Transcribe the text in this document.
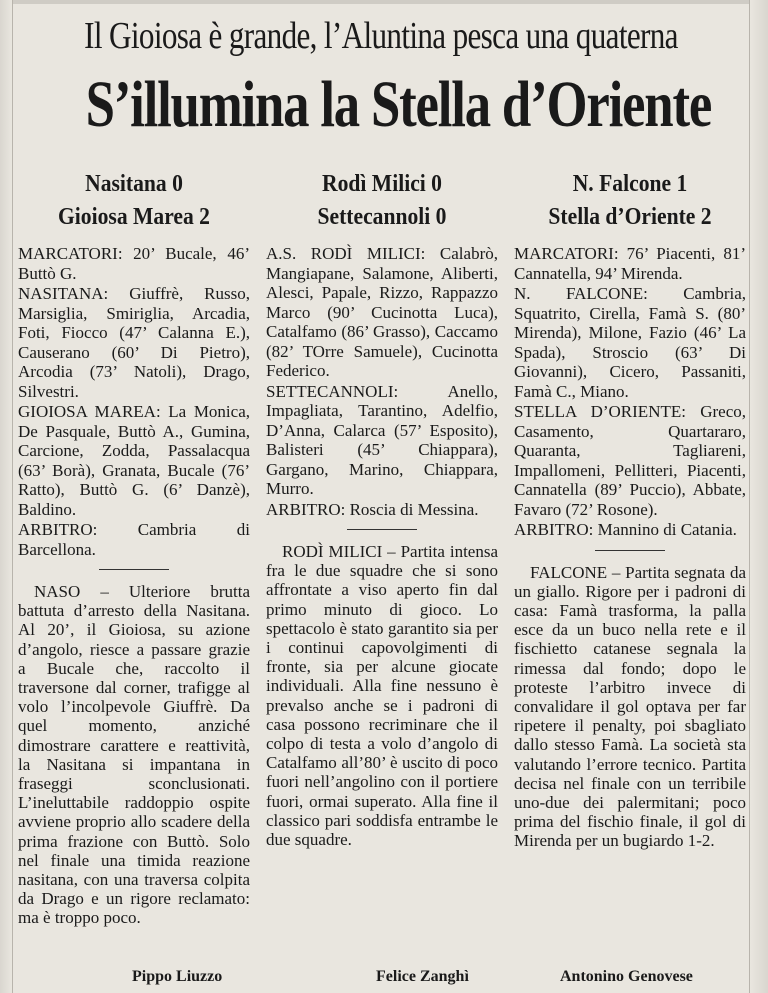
Il Gioiosa è grande, l’Aluntina pesca una quaterna
S’illumina la Stella d’Oriente
Nasitana 0
Gioiosa Marea 2
MARCATORI: 20’ Bucale, 46’ Buttò G.
NASITANA: Giuffrè, Russo, Marsiglia, Smiriglia, Arcadia, Foti, Fiocco (47’ Calanna E.), Causerano (60’ Di Pietro), Arcodia (73’ Natoli), Drago, Silvestri.
GIOIOSA MAREA: La Monica, De Pasquale, Buttò A., Gumina, Carcione, Zodda, Passalacqua (63’ Borà), Granata, Bucale (76’ Ratto), Buttò G. (6’ Danzè), Baldino.
ARBITRO: Cambria di Barcellona.
NASO – Ulteriore brutta battuta d’arresto della Nasitana. Al 20’, il Gioiosa, su azione d’angolo, riesce a passare grazie a Bucale che, raccolto il traversone dal corner, trafigge al volo l’incolpevole Giuffrè. Da quel momento, anziché dimostrare carattere e reattività, la Nasitana si impantana in fraseggi sconclusionati. L’ineluttabile raddoppio ospite avviene proprio allo scadere della prima frazione con Buttò. Solo nel finale una timida reazione nasitana, con una traversa colpita da Drago e un rigore reclamato: ma è troppo poco.
Rodì Milici 0
Settecannoli 0
A.S. RODÌ MILICI: Calabrò, Mangiapane, Salamone, Aliberti, Alesci, Papale, Rizzo, Rappazzo Marco (90’ Cucinotta Luca), Catalfamo (86’ Grasso), Caccamo (82’ TOrre Samuele), Cucinotta Federico.
SETTECANNOLI: Anello, Impagliata, Tarantino, Adelfio, D’Anna, Calarca (57’ Esposito), Balisteri (45’ Chiappara), Gargano, Marino, Chiappara, Murro.
ARBITRO: Roscia di Messina.
RODÌ MILICI – Partita intensa fra le due squadre che si sono affrontate a viso aperto fin dal primo minuto di gioco. Lo spettacolo è stato garantito sia per i continui capovolgimenti di fronte, sia per alcune giocate individuali. Alla fine nessuno è prevalso anche se i padroni di casa possono recriminare che il colpo di testa a volo d’angolo di Catalfamo all’80’ è uscito di poco fuori nell’angolino con il portiere fuori, ormai superato. Alla fine il classico pari soddisfa entrambe le due squadre.
N. Falcone 1
Stella d’Oriente 2
MARCATORI: 76’ Piacenti, 81’ Cannatella, 94’ Mirenda.
N. FALCONE: Cambria, Squatrito, Cirella, Famà S. (80’ Mirenda), Milone, Fazio (46’ La Spada), Stroscio (63’ Di Giovanni), Cicero, Passaniti, Famà C., Miano.
STELLA D’ORIENTE: Greco, Casamento, Quartararo, Quaranta, Tagliareni, Impallomeni, Pellitteri, Piacenti, Cannatella (89’ Puccio), Abbate, Favaro (72’ Rosone).
ARBITRO: Mannino di Catania.
FALCONE – Partita segnata da un giallo. Rigore per i padroni di casa: Famà trasforma, la palla esce da un buco nella rete e il fischietto catanese segnala la rimessa dal fondo; dopo le proteste l’arbitro invece di convalidare il gol optava per far ripetere il penalty, poi sbagliato dallo stesso Famà. La società sta valutando l’errore tecnico. Partita decisa nel finale con un terribile uno-due dei palermitani; poco prima del fischio finale, il gol di Mirenda per un bugiardo 1-2.
Pippo Liuzzo	Felice Zanghì	Antonino Genovese
